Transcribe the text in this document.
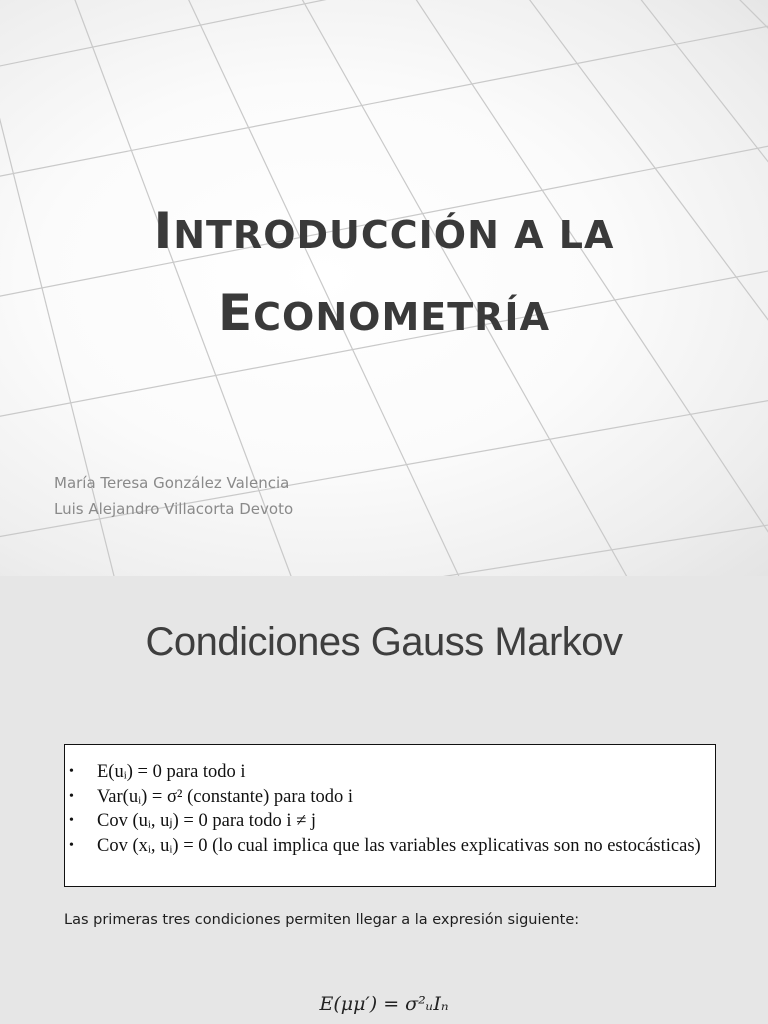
INTRODUCCIÓN A LA
ECONOMETRÍA
María Teresa González Valencia
Luis Alejandro Villacorta Devoto
Condiciones Gauss Markov
•	E(uᵢ) = 0 para todo i
•	Var(uᵢ) = σ² (constante) para todo i
•	Cov (uᵢ, uⱼ) = 0 para todo i ≠ j
•	Cov (xᵢ, uᵢ) = 0 (lo cual implica que las variables explicativas son no estocásticas)
Las primeras tres condiciones permiten llegar a la expresión siguiente:
E(μμ′) = σ²ᵤIₙ
